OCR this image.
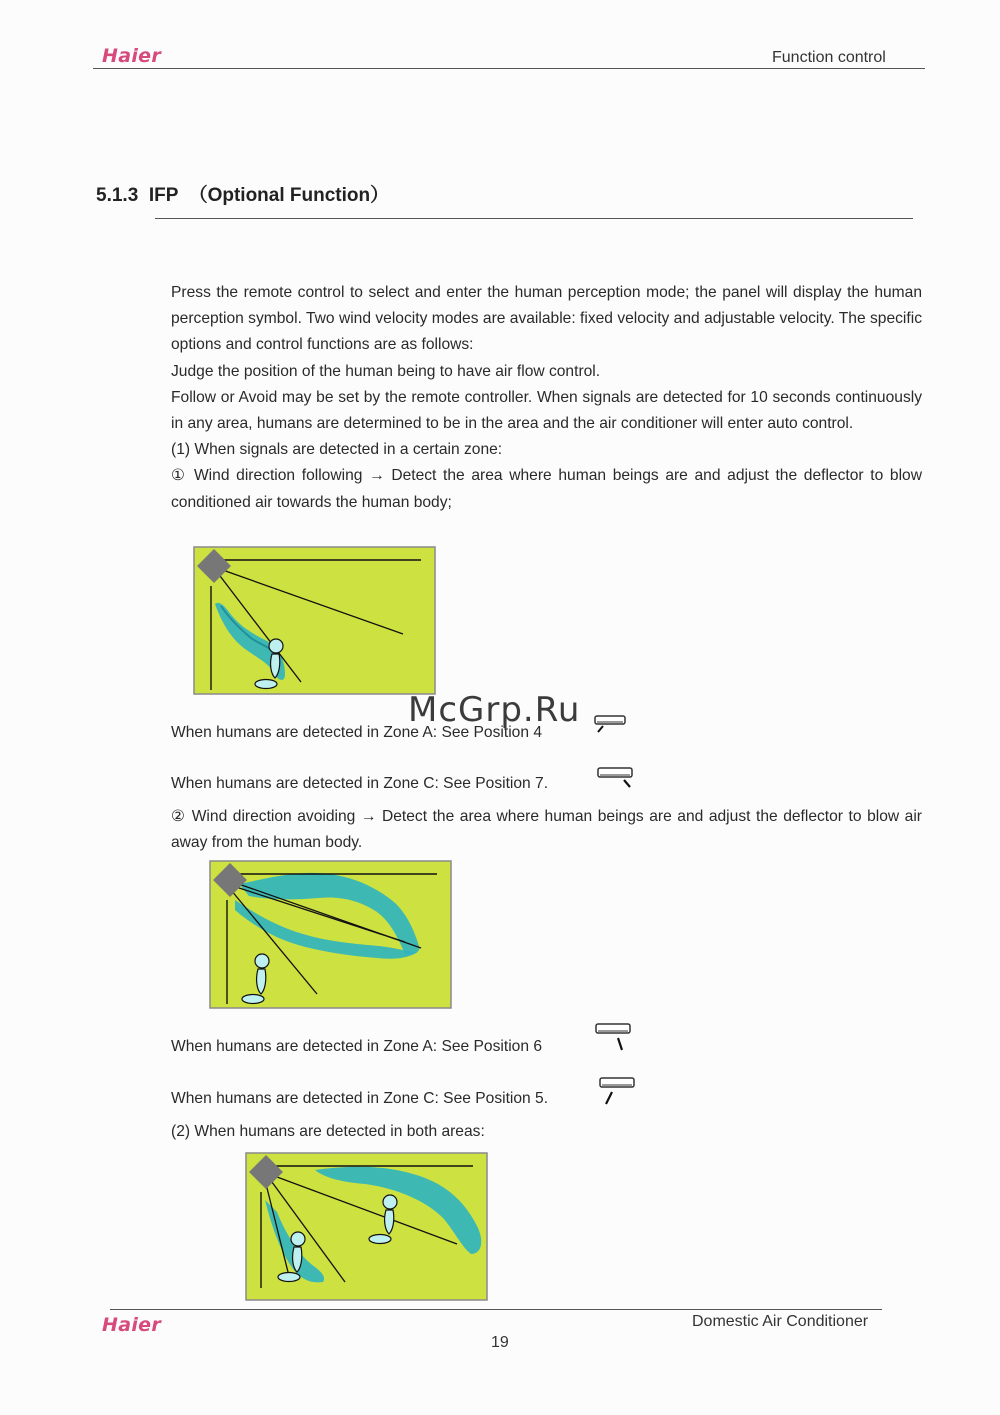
Haier	Function control
5.1.3  IFP  （Optional Function）

Press the remote control to select and enter the human perception mode; the panel will display the human perception symbol. Two wind velocity modes are available: fixed velocity and adjustable velocity. The specific options and control functions are as follows:

Judge the position of the human being to have air flow control.

Follow or Avoid may be set by the remote controller. When signals are detected for 10 seconds continuously in any area, humans are determined to be in the area and the air conditioner will enter auto control.

(1) When signals are detected in a certain zone:

① Wind direction following → Detect the area where human beings are and adjust the deflector to blow conditioned air towards the human body;

When humans are detected in Zone A: See Position 4
When humans are detected in Zone C: See Position 7.

② Wind direction avoiding → Detect the area where human beings are and adjust the deflector to blow air away from the human body.

When humans are detected in Zone A: See Position 6
When humans are detected in Zone C: See Position 5.
(2) When humans are detected in both areas:
McGrp.Ru
Haier	Domestic Air Conditioner
19
